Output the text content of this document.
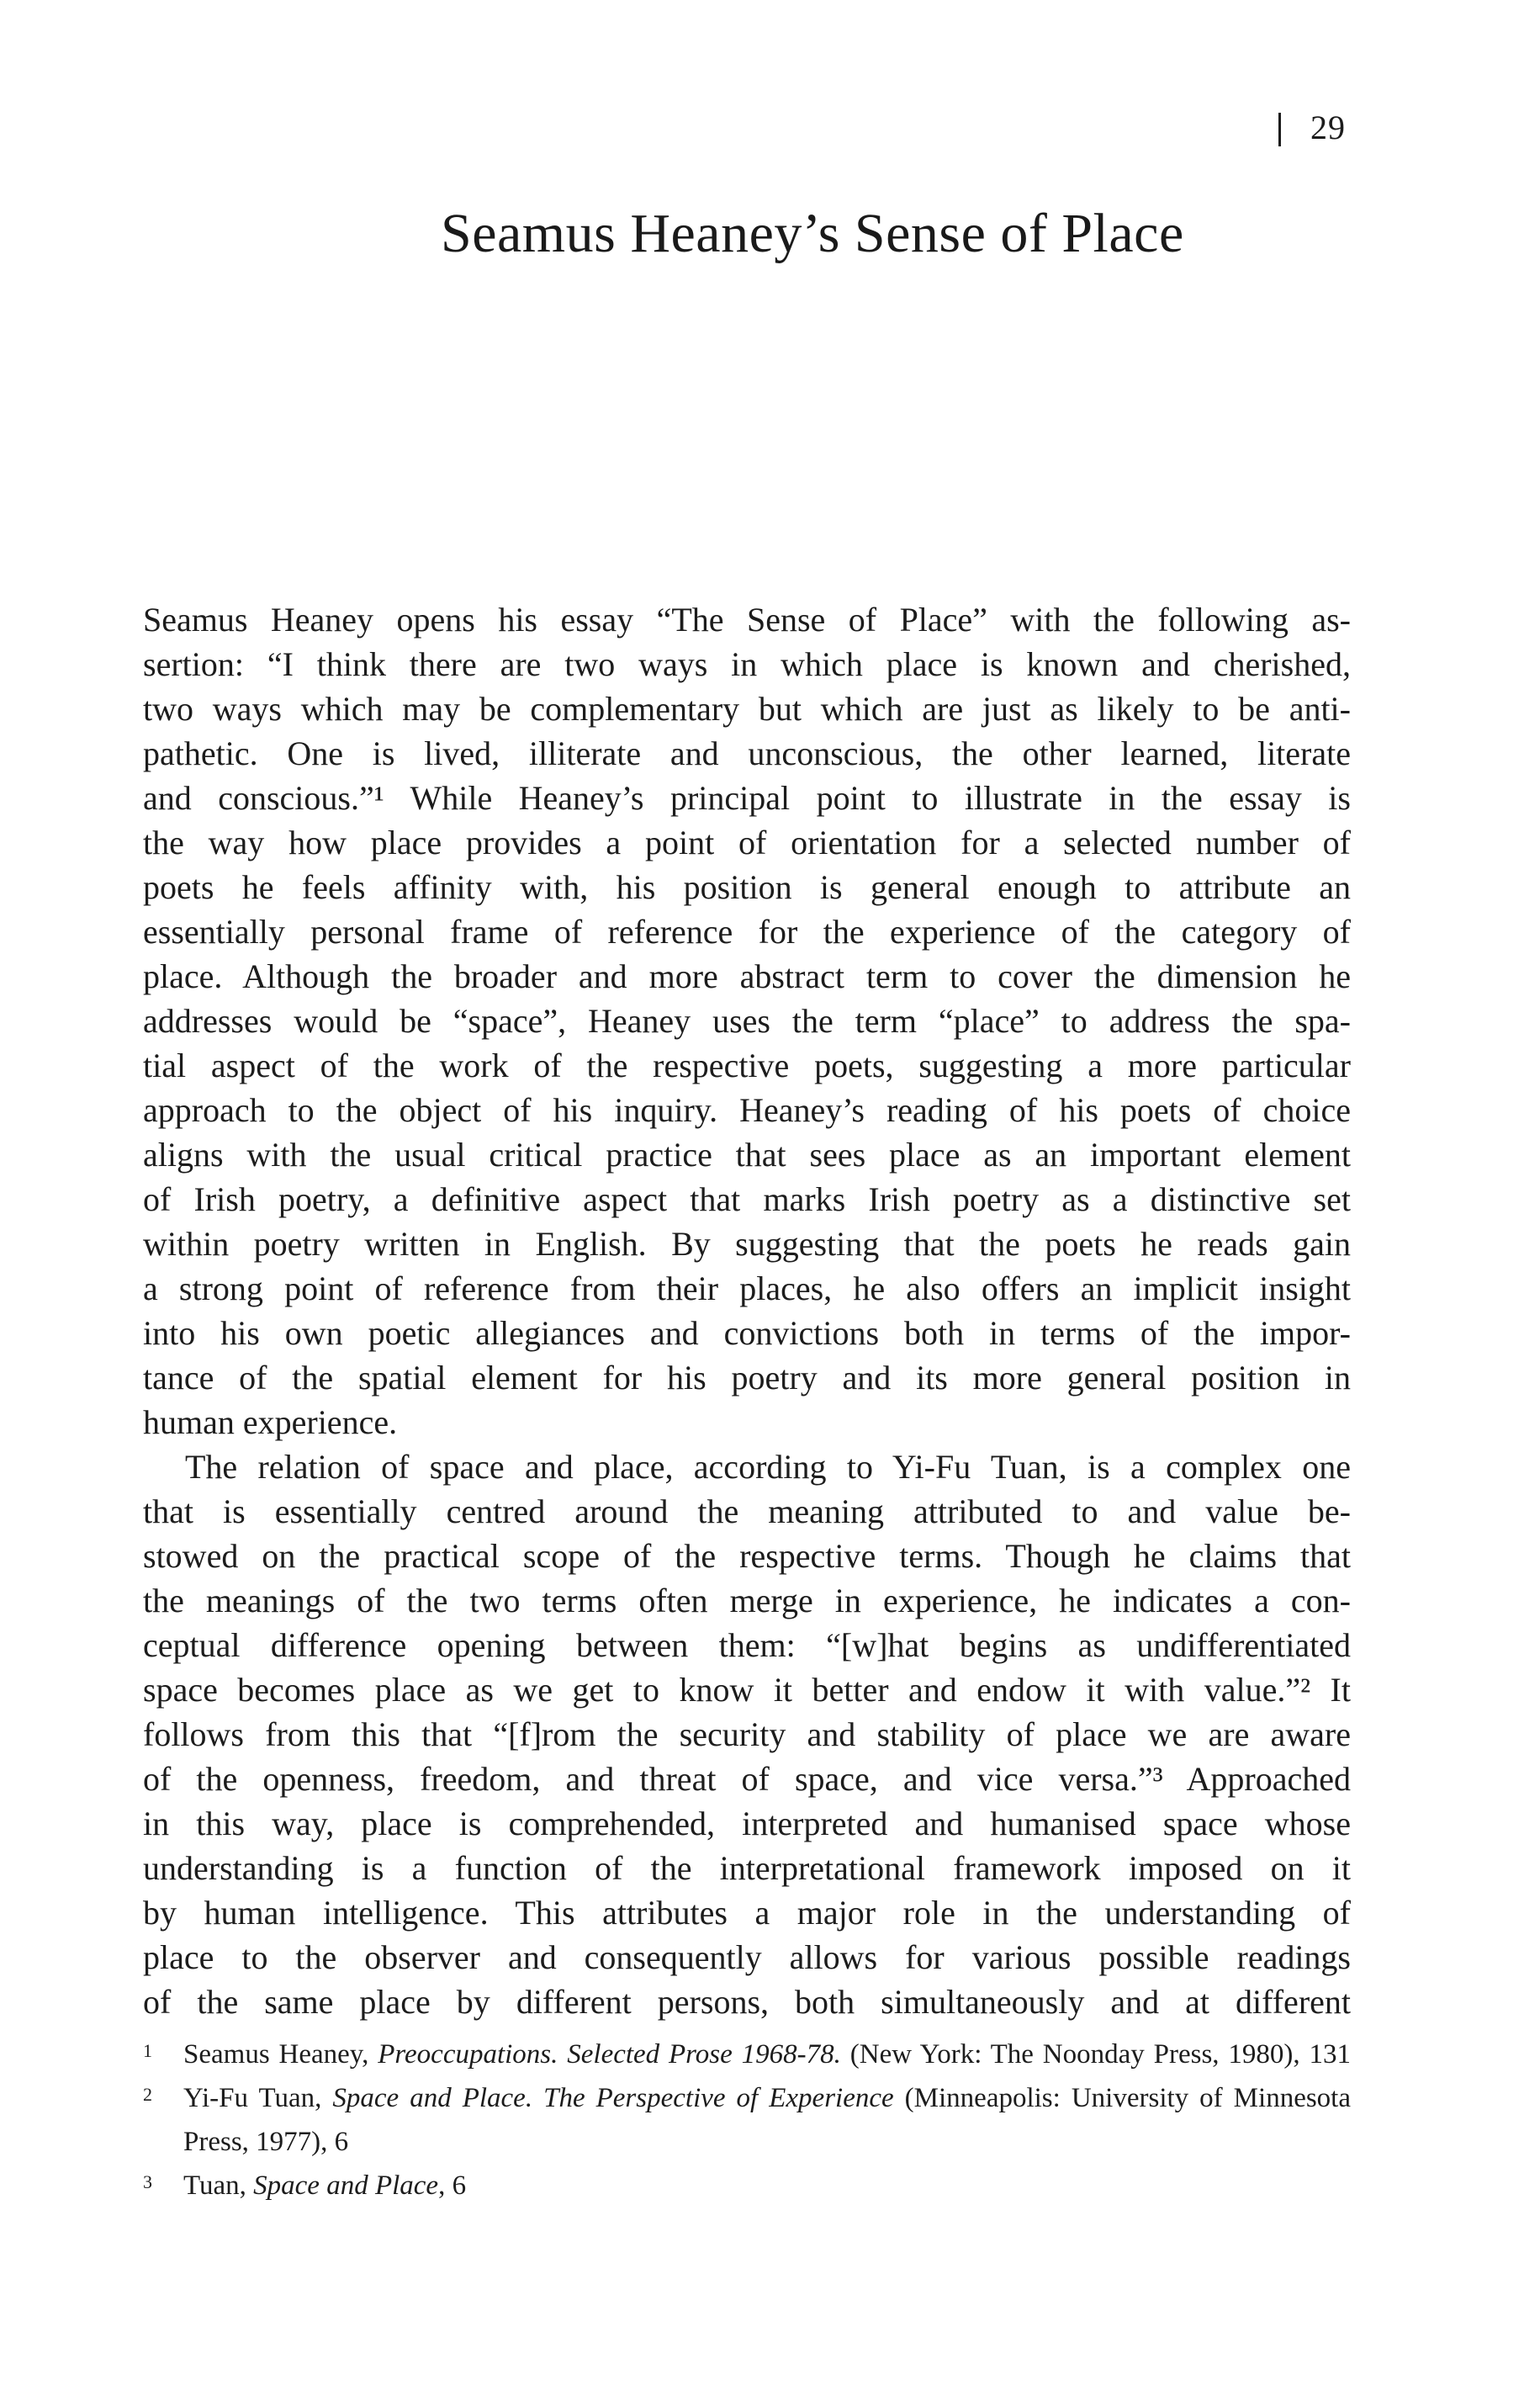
29
Seamus Heaney’s Sense of Place
Seamus Heaney opens his essay “The Sense of Place” with the following as-
sertion: “I think there are two ways in which place is known and cherished,
two ways which may be complementary but which are just as likely to be anti-
pathetic. One is lived, illiterate and unconscious, the other learned, literate
and conscious.”¹ While Heaney’s principal point to illustrate in the essay is
the way how place provides a point of orientation for a selected number of
poets he feels affinity with, his position is general enough to attribute an
essentially personal frame of reference for the experience of the category of
place. Although the broader and more abstract term to cover the dimension he
addresses would be “space”, Heaney uses the term “place” to address the spa-
tial aspect of the work of the respective poets, suggesting a more particular
approach to the object of his inquiry. Heaney’s reading of his poets of choice
aligns with the usual critical practice that sees place as an important element
of Irish poetry, a definitive aspect that marks Irish poetry as a distinctive set
within poetry written in English. By suggesting that the poets he reads gain
a strong point of reference from their places, he also offers an implicit insight
into his own poetic allegiances and convictions both in terms of the impor-
tance of the spatial element for his poetry and its more general position in
human experience.
The relation of space and place, according to Yi-Fu Tuan, is a complex one
that is essentially centred around the meaning attributed to and value be-
stowed on the practical scope of the respective terms. Though he claims that
the meanings of the two terms often merge in experience, he indicates a con-
ceptual difference opening between them: “[w]hat begins as undifferentiated
space becomes place as we get to know it better and endow it with value.”² It
follows from this that “[f]rom the security and stability of place we are aware
of the openness, freedom, and threat of space, and vice versa.”³ Approached
in this way, place is comprehended, interpreted and humanised space whose
understanding is a function of the interpretational framework imposed on it
by human intelligence. This attributes a major role in the understanding of
place to the observer and consequently allows for various possible readings
of the same place by different persons, both simultaneously and at different
1	Seamus Heaney, Preoccupations. Selected Prose 1968-78. (New York: The Noonday Press, 1980), 131
2	Yi-Fu Tuan, Space and Place. The Perspective of Experience (Minneapolis: University of Minnesota
Press, 1977), 6
3	Tuan, Space and Place, 6
